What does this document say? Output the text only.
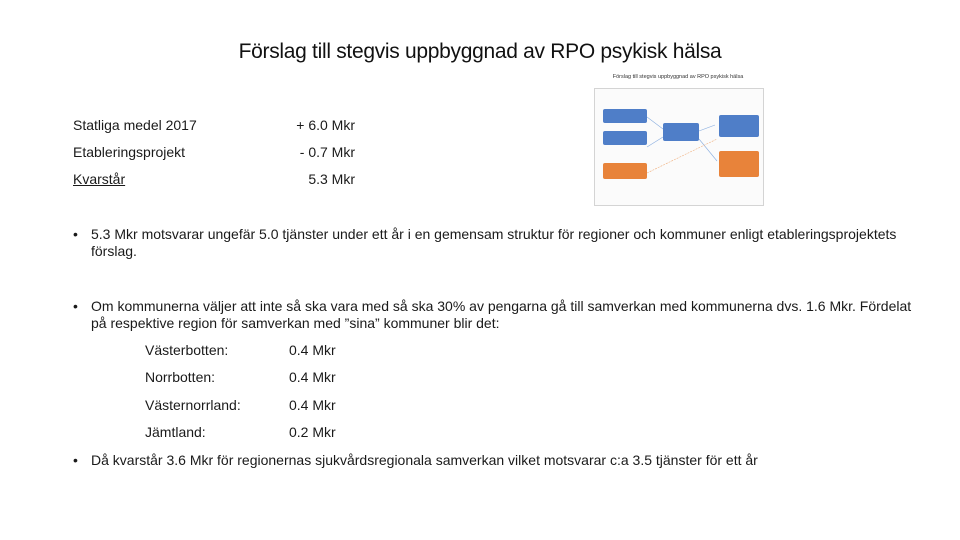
Förslag till stegvis uppbyggnad av RPO psykisk hälsa
Statliga medel 2017	+ 6.0 Mkr
Etableringsprojekt	- 0.7 Mkr
Kvarstår	5.3 Mkr
Förslag till stegvis uppbyggnad av RPO psykisk hälsa
• 5.3 Mkr motsvarar ungefär 5.0 tjänster under ett år i en gemensam struktur för regioner och kommuner enligt etableringsprojektets förslag.
• Om kommunerna väljer att inte så ska vara med så ska 30% av pengarna gå till samverkan med kommunerna dvs. 1.6 Mkr. Fördelat på respektive region för samverkan med ”sina” kommuner blir det:
• Då kvarstår 3.6 Mkr för regionernas sjukvårdsregionala samverkan vilket motsvarar c:a 3.5 tjänster för ett år
Västerbotten:	0.4 Mkr
Norrbotten:	0.4 Mkr
Västernorrland:	0.4 Mkr
Jämtland:	0.2 Mkr
